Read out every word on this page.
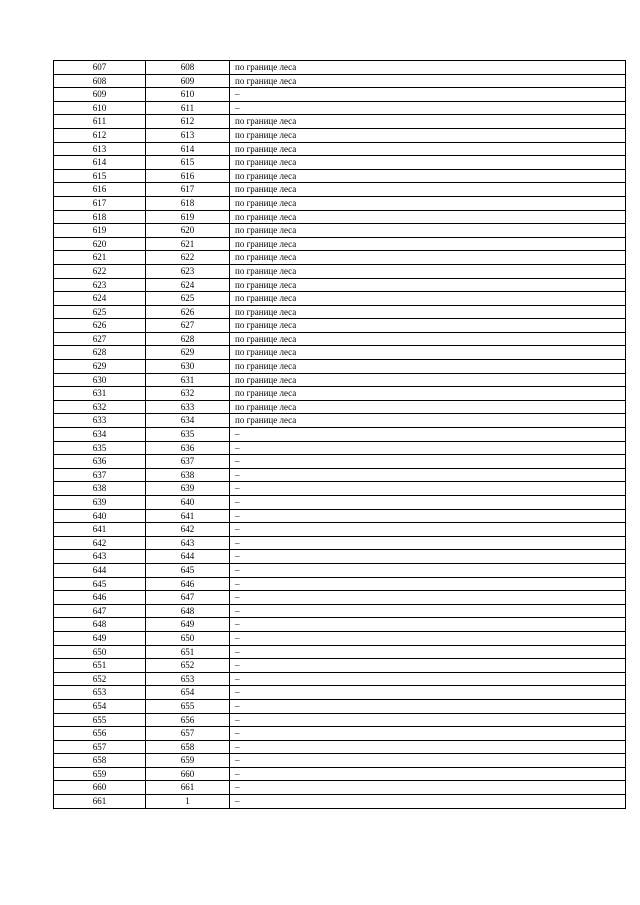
607	608	по границе леса
608	609	по границе леса
609	610	–
610	611	–
611	612	по границе леса
612	613	по границе леса
613	614	по границе леса
614	615	по границе леса
615	616	по границе леса
616	617	по границе леса
617	618	по границе леса
618	619	по границе леса
619	620	по границе леса
620	621	по границе леса
621	622	по границе леса
622	623	по границе леса
623	624	по границе леса
624	625	по границе леса
625	626	по границе леса
626	627	по границе леса
627	628	по границе леса
628	629	по границе леса
629	630	по границе леса
630	631	по границе леса
631	632	по границе леса
632	633	по границе леса
633	634	по границе леса
634	635	–
635	636	–
636	637	–
637	638	–
638	639	–
639	640	–
640	641	–
641	642	–
642	643	–
643	644	–
644	645	–
645	646	–
646	647	–
647	648	–
648	649	–
649	650	–
650	651	–
651	652	–
652	653	–
653	654	–
654	655	–
655	656	–
656	657	–
657	658	–
658	659	–
659	660	–
660	661	–
661	1	–
